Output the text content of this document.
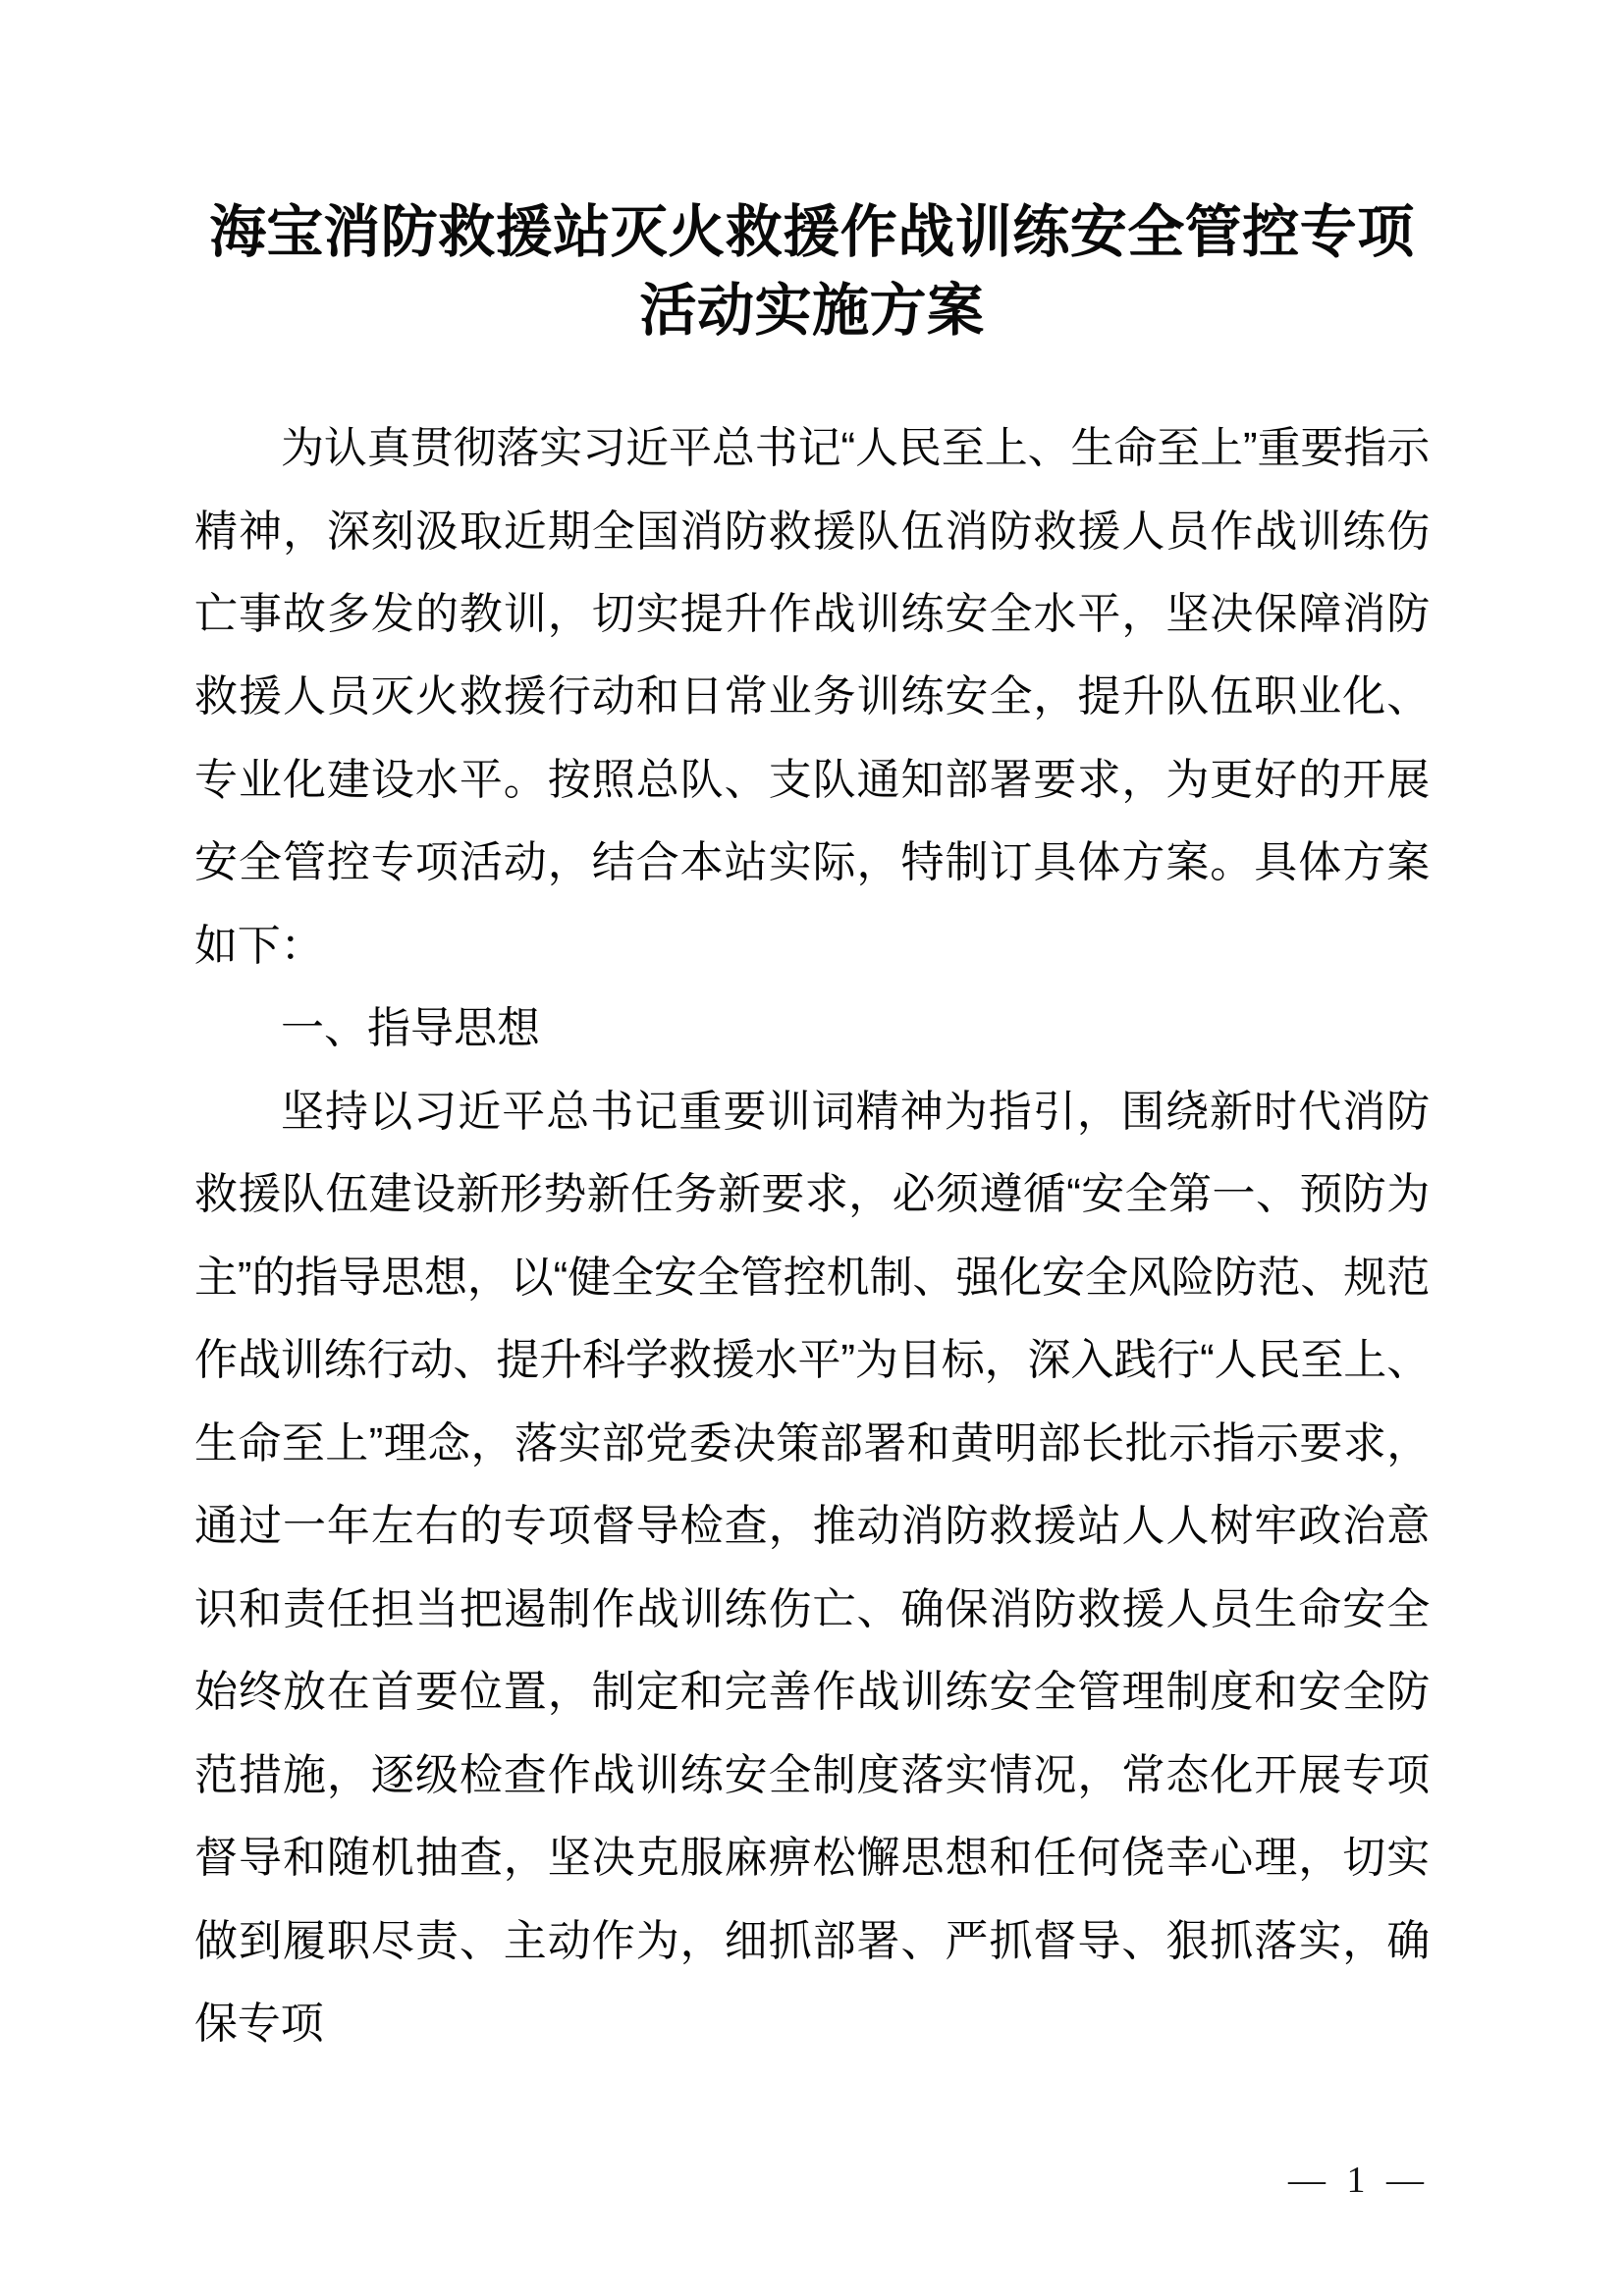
海宝消防救援站灭火救援作战训练安全管控专项活动实施方案

为认真贯彻落实习近平总书记“人民至上、生命至上”重要指示精神，深刻汲取近期全国消防救援队伍消防救援人员作战训练伤亡事故多发的教训，切实提升作战训练安全水平，坚决保障消防救援人员灭火救援行动和日常业务训练安全，提升队伍职业化、专业化建设水平。按照总队、支队通知部署要求，为更好的开展安全管控专项活动，结合本站实际，特制订具体方案。具体方案如下：

一、指导思想

坚持以习近平总书记重要训词精神为指引，围绕新时代消防救援队伍建设新形势新任务新要求，必须遵循“安全第一、预防为主”的指导思想，以“健全安全管控机制、强化安全风险防范、规范作战训练行动、提升科学救援水平”为目标，深入践行“人民至上、生命至上”理念，落实部党委决策部署和黄明部长批示指示要求，通过一年左右的专项督导检查，推动消防救援站人人树牢政治意识和责任担当把遏制作战训练伤亡、确保消防救援人员生命安全始终放在首要位置，制定和完善作战训练安全管理制度和安全防范措施，逐级检查作战训练安全制度落实情况，常态化开展专项督导和随机抽查，坚决克服麻痹松懈思想和任何侥幸心理，切实做到履职尽责、主动作为，细抓部署、严抓督导、狠抓落实，确保专项

— 1 —
